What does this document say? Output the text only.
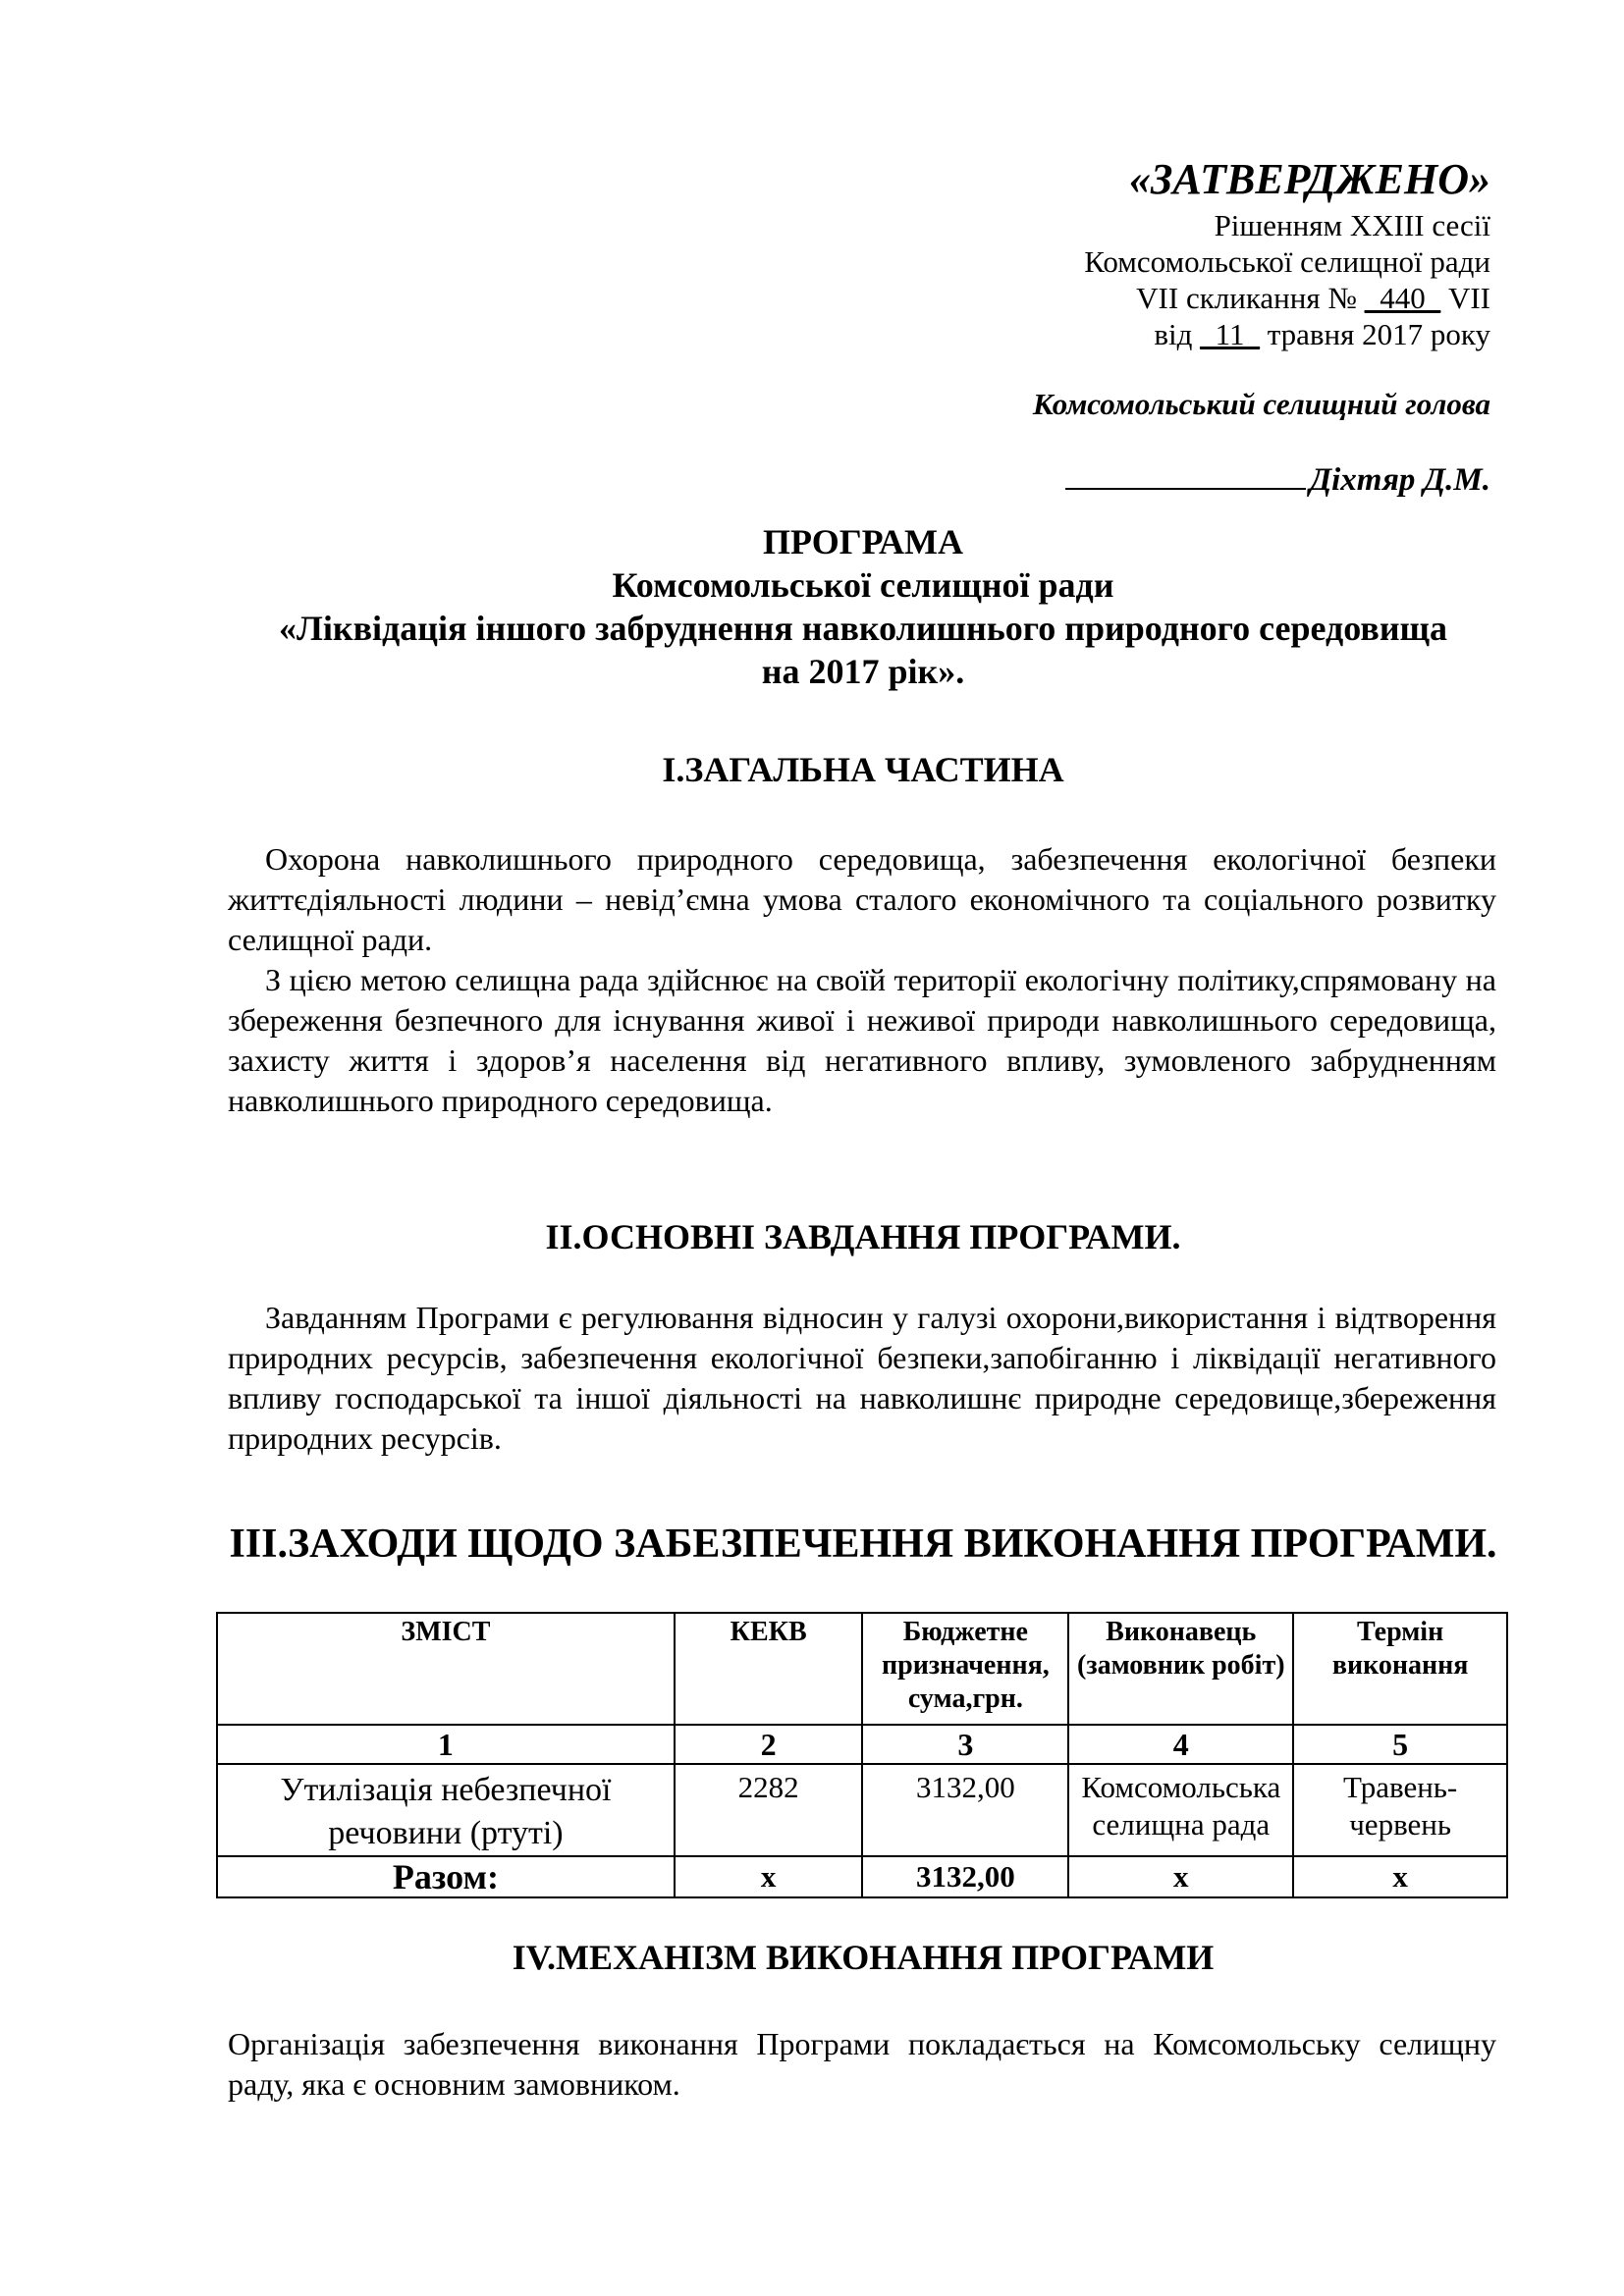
«ЗАТВЕРДЖЕНО»
Рішенням XXIII сесії
Комсомольської селищної ради
VII скликання № _440_ VII
від _11_ травня 2017 року
Комсомольський селищний голова
Діхтяр Д.М.
ПРОГРАМА
Комсомольської селищної ради
«Ліквідація іншого забруднення навколишнього природного середовища
на 2017 рік».
І.ЗАГАЛЬНА ЧАСТИНА

Охорона навколишнього природного середовища, забезпечення екологічної безпеки життєдіяльності людини – невід’ємна умова сталого економічного та соціального розвитку селищної ради.

З цією метою селищна рада здійснює на своїй території екологічну політику,спрямовану на збереження безпечного для існування живої і неживої природи навколишнього середовища, захисту життя і здоров’я населення від негативного впливу, зумовленого забрудненням навколишнього природного середовища.

ІІ.ОСНОВНІ ЗАВДАННЯ ПРОГРАМИ.

Завданням Програми є регулювання відносин у галузі охорони,використання і відтворення природних ресурсів, забезпечення екологічної безпеки,запобіганню і ліквідації негативного впливу господарської та іншої діяльності на навколишнє природне середовище,збереження природних ресурсів.

ІІІ.ЗАХОДИ ЩОДО ЗАБЕЗПЕЧЕННЯ ВИКОНАННЯ ПРОГРАМИ.
ЗМІСТ	КЕКВ	Бюджетне призначення, сума,грн.	Виконавець (замовник робіт)	Термін виконання
1	2	3	4	5
Утилізація небезпечної речовини (ртуті)	2282	3132,00	Комсомольська селищна рада	Травень-червень
Разом:	х	3132,00	х	х
ІV.МЕХАНІЗМ ВИКОНАННЯ ПРОГРАМИ

Організація забезпечення виконання Програми покладається на Комсомольську селищну раду, яка є основним замовником.
